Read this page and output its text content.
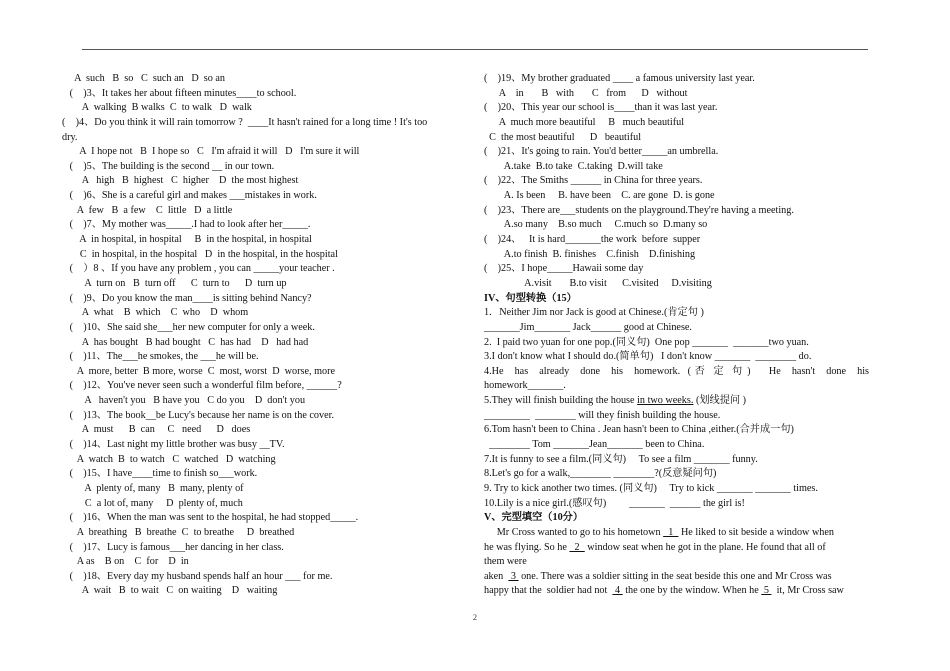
A  such   B  so   C  such an   D  so an
(    )3、It takes her about fifteen minutes____to school.
A  walking  B walks  C  to walk   D  walk
(    )4、Do you think it will rain tomorrow ?  ____It hasn't rained for a long time ! It's too
dry.
A  I hope not   B  I hope so   C   I'm afraid it will   D   I'm sure it will
(    )5、The building is the second __ in our town.
A   high   B  highest   C  higher    D  the most highest
(    )6、She is a careful girl and makes ___mistakes in work.
A  few   B  a few    C  little   D  a little
(    )7、My mother was_____.I had to look after her_____.
A  in hospital, in hospital     B  in the hospital, in hospital
C  in hospital, in the hospital   D  in the hospital, in the hospital
(    ）8 、If you have any problem , you can _____your teacher .
A  turn on   B  turn off      C  turn to      D  turn up
(    )9、Do you know the man____is sitting behind Nancy?
A  what    B  which    C  who    D  whom
(    )10、She said she___her new computer for only a week.
A  has bought   B had bought   C  has had    D   had had
(    )11、The___he smokes, the ___he will be.
A  more, better  B more, worse  C  most, worst  D  worse, more
(    )12、You've never seen such a wonderful film before, ______?
A   haven't you   B have you   C do you    D  don't you
(    )13、The book__be Lucy's because her name is on the cover.
A  must      B  can     C   need      D   does
(    )14、Last night my little brother was busy __TV.
A  watch  B  to watch   C  watched   D  watching
(    )15、I have____time to finish so___work.
A  plenty of, many   B  many, plenty of
C  a lot of, many     D  plenty of, much
(    )16、When the man was sent to the hospital, he had stopped_____.
A  breathing   B  breathe  C  to breathe     D  breathed
(    )17、Lucy is famous___her dancing in her class.
A as    B on    C  for    D  in
(    )18、Every day my husband spends half an hour ___ for me.
A  wait   B  to wait   C  on waiting    D   waiting
(    )19、My brother graduated ____ a famous university last year.
A    in       B   with       C   from      D   without
(    )20、This year our school is____than it was last year.
A  much more beautiful     B   much beautiful
C  the most beautiful      D   beautiful
(    )21、It's going to rain. You'd better_____an umbrella.
A.take  B.to take  C.taking  D.will take
(    )22、The Smiths ______ in China for three years.
A. Is been     B. have been    C. are gone  D. is gone
(    )23、There are___students on the playground.They're having a meeting.
A.so many    B.so much     C.much so  D.many so
(    )24、   It is hard_______the work  before  supper
A.to finish  B. finishes    C.finish    D.finishing
(    )25、I hope_____Hawaii some day
A.visit       B.to visit      C.visited     D.visiting
IV、句型转换（15）
1.   Neither Jim nor Jack is good at Chinese.(肯定句 )
_______Jim_______ Jack______ good at Chinese.
2.  I paid two yuan for one pop.(同义句)  One pop _______  _______two yuan.
3.I don't know what I should do.(简单句)   I don't know _______  ________ do.
4.He   has   already   done   his   homework.  ( 否  定  句 )     He   hasn't   done   his
homework_______.
5.They will finish building the house in two weeks. (划线提问 )
_________  ________ will they finish building the house.
6.Tom hasn't been to China . Jean hasn't been to China ,either.(合并成一句)
________ Tom _______Jean_______ been to China.
7.It is funny to see a film.(同义句)     To see a film _______ funny.
8.Let's go for a walk,________ ________?(反意疑问句)
9. Try to kick another two times. (同义句)     Try to kick _______ _______ times.
10.Lily is a nice girl.(感叹句)         _______  ______ the girl is!
V、完型填空（10分）
Mr Cross wanted to go to his hometown   1   He liked to sit beside a window when
he was flying. So he   2   window seat when he got in the plane. He found that all of
them were
aken   3  one. There was a soldier sitting in the seat beside this one and Mr Cross was
happy that the  soldier had not   4  the one by the window. When he  5   it, Mr Cross saw
2
